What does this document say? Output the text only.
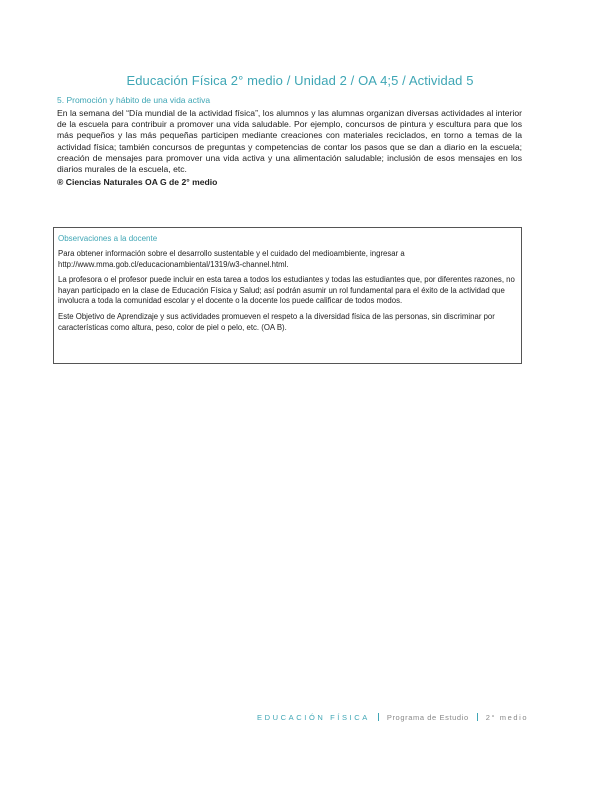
Educación Física 2° medio / Unidad 2 / OA 4;5 / Actividad 5

5. Promoción y hábito de una vida activa

En la semana del “Día mundial de la actividad física”, los alumnos y las alumnas organizan diversas actividades al interior de la escuela para contribuir a promover una vida saludable. Por ejemplo, concursos de pintura y escultura para que los más pequeños y las más pequeñas participen mediante creaciones con materiales reciclados, en torno a temas de la actividad física; también concursos de preguntas y competencias de contar los pasos que se dan a diario en la escuela; creación de mensajes para promover una vida activa y una alimentación saludable; inclusión de esos mensajes en los diarios murales de la escuela, etc.

® Ciencias Naturales OA G de 2° medio

Observaciones a la docente

Para obtener información sobre el desarrollo sustentable y el cuidado del medioambiente, ingresar a http://www.mma.gob.cl/educacionambiental/1319/w3-channel.html.

La profesora o el profesor puede incluir en esta tarea a todos los estudiantes y todas las estudiantes que, por diferentes razones, no hayan participado en la clase de Educación Física y Salud; así podrán asumir un rol fundamental para el éxito de la actividad que involucra a toda la comunidad escolar y el docente o la docente los puede calificar de todos modos.

Este Objetivo de Aprendizaje y sus actividades promueven el respeto a la diversidad física de las personas, sin discriminar por características como altura, peso, color de piel o pelo, etc. (OA B).

EDUCACIÓN FÍSICA Programa de Estudio 2° medio
